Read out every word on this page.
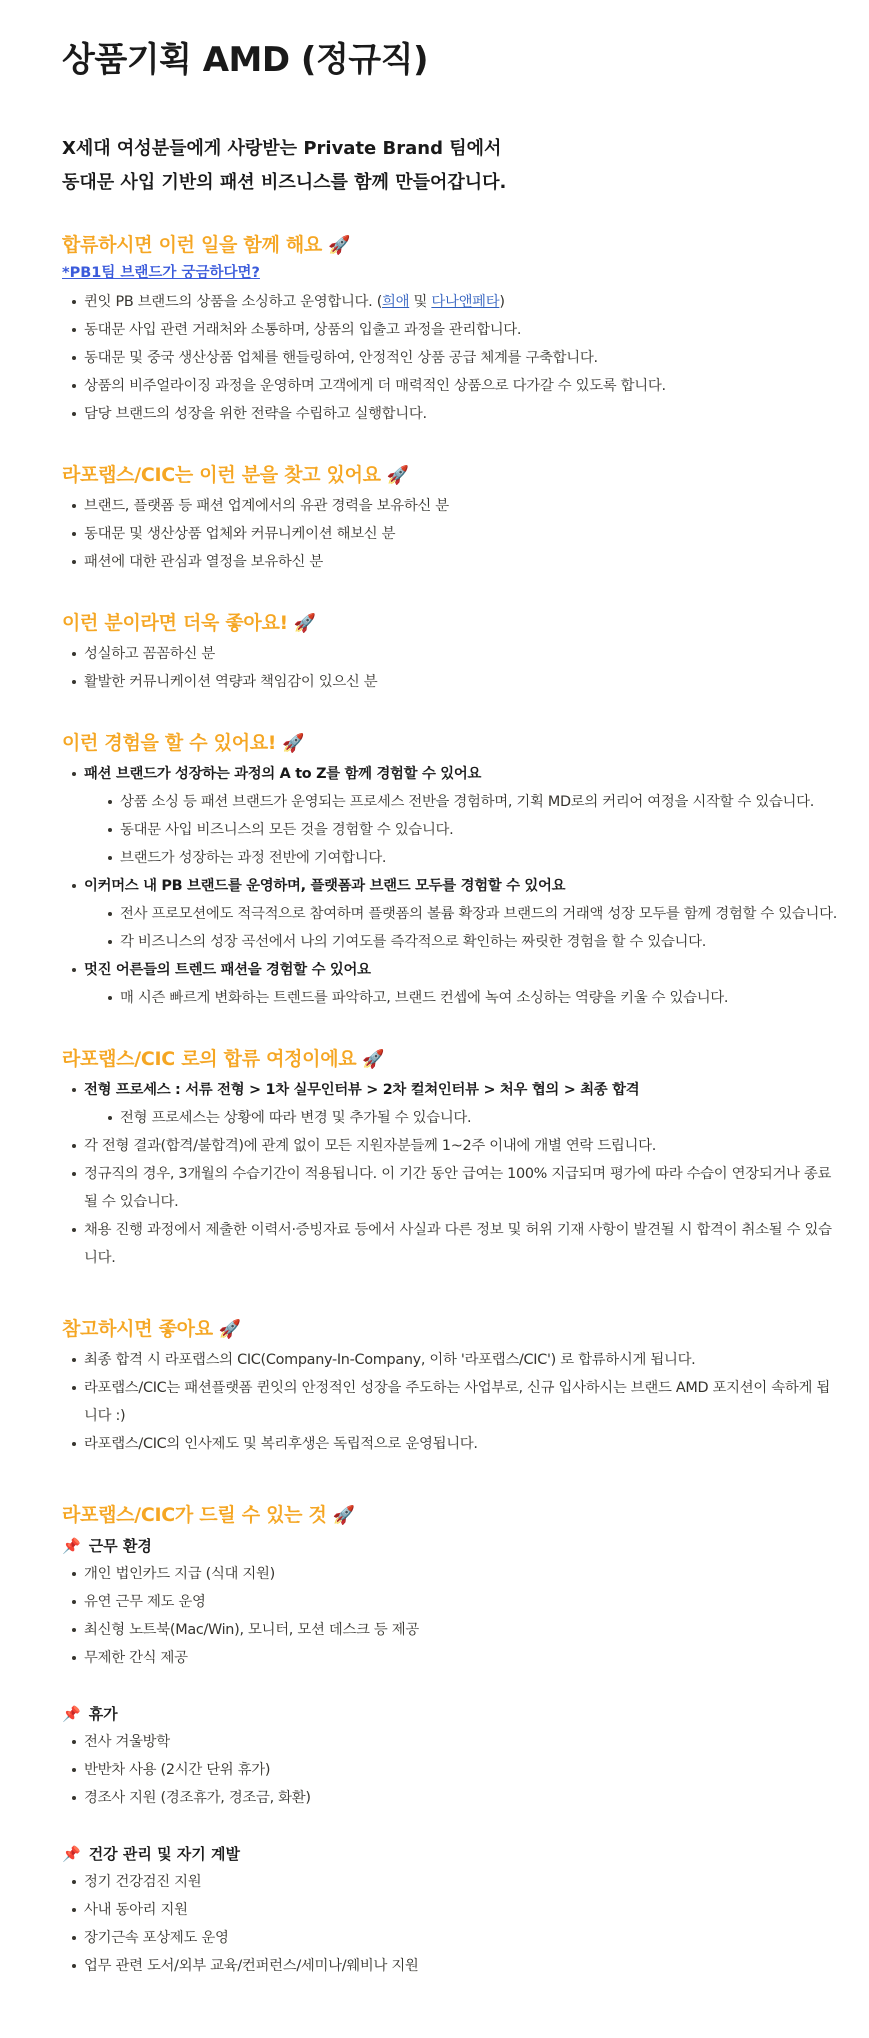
상품기획 AMD (정규직)
X세대 여성분들에게 사랑받는 Private Brand 팀에서
동대문 사입 기반의 패션 비즈니스를 함께 만들어갑니다.
합류하시면 이런 일을 함께 해요 🚀
*PB1팀 브랜드가 궁금하다면?
퀸잇 PB 브랜드의 상품을 소싱하고 운영합니다. (희애 및 다나앤페타)
동대문 사입 관련 거래처와 소통하며, 상품의 입출고 과정을 관리합니다.
동대문 및 중국 생산상품 업체를 핸들링하여, 안정적인 상품 공급 체계를 구축합니다.
상품의 비주얼라이징 과정을 운영하며 고객에게 더 매력적인 상품으로 다가갈 수 있도록 합니다.
담당 브랜드의 성장을 위한 전략을 수립하고 실행합니다.
라포랩스/CIC는 이런 분을 찾고 있어요 🚀
브랜드, 플랫폼 등 패션 업계에서의 유관 경력을 보유하신 분
동대문 및 생산상품 업체와 커뮤니케이션 해보신 분
패션에 대한 관심과 열정을 보유하신 분
이런 분이라면 더욱 좋아요! 🚀
성실하고 꼼꼼하신 분
활발한 커뮤니케이션 역량과 책임감이 있으신 분
이런 경험을 할 수 있어요! 🚀
패션 브랜드가 성장하는 과정의 A to Z를 함께 경험할 수 있어요
상품 소싱 등 패션 브랜드가 운영되는 프로세스 전반을 경험하며, 기획 MD로의 커리어 여정을 시작할 수 있습니다.
동대문 사입 비즈니스의 모든 것을 경험할 수 있습니다.
브랜드가 성장하는 과정 전반에 기여합니다.
이커머스 내 PB 브랜드를 운영하며, 플랫폼과 브랜드 모두를 경험할 수 있어요
전사 프로모션에도 적극적으로 참여하며 플랫폼의 볼륨 확장과 브랜드의 거래액 성장 모두를 함께 경험할 수 있습니다.
각 비즈니스의 성장 곡선에서 나의 기여도를 즉각적으로 확인하는 짜릿한 경험을 할 수 있습니다.
멋진 어른들의 트렌드 패션을 경험할 수 있어요
매 시즌 빠르게 변화하는 트렌드를 파악하고, 브랜드 컨셉에 녹여 소싱하는 역량을 키울 수 있습니다.
라포랩스/CIC 로의 합류 여정이에요 🚀
전형 프로세스 : 서류 전형 > 1차 실무인터뷰 > 2차 컬쳐인터뷰 > 처우 협의 > 최종 합격
전형 프로세스는 상황에 따라 변경 및 추가될 수 있습니다.
각 전형 결과(합격/불합격)에 관계 없이 모든 지원자분들께 1~2주 이내에 개별 연락 드립니다.
정규직의 경우, 3개월의 수습기간이 적용됩니다. 이 기간 동안 급여는 100% 지급되며 평가에 따라 수습이 연장되거나 종료될 수 있습니다.
채용 진행 과정에서 제출한 이력서·증빙자료 등에서 사실과 다른 정보 및 허위 기재 사항이 발견될 시 합격이 취소될 수 있습니다.
참고하시면 좋아요 🚀
최종 합격 시 라포랩스의 CIC(Company-In-Company, 이하 '라포랩스/CIC') 로 합류하시게 됩니다.
라포랩스/CIC는 패션플랫폼 퀸잇의 안정적인 성장을 주도하는 사업부로, 신규 입사하시는 브랜드 AMD 포지션이 속하게 됩니다 :)
라포랩스/CIC의 인사제도 및 복리후생은 독립적으로 운영됩니다.
라포랩스/CIC가 드릴 수 있는 것 🚀
📌 근무 환경
개인 법인카드 지급 (식대 지원)
유연 근무 제도 운영
최신형 노트북(Mac/Win), 모니터, 모션 데스크 등 제공
무제한 간식 제공
📌 휴가
전사 겨울방학
반반차 사용 (2시간 단위 휴가)
경조사 지원 (경조휴가, 경조금, 화환)
📌 건강 관리 및 자기 계발
정기 건강검진 지원
사내 동아리 지원
장기근속 포상제도 운영
업무 관련 도서/외부 교육/컨퍼런스/세미나/웨비나 지원
